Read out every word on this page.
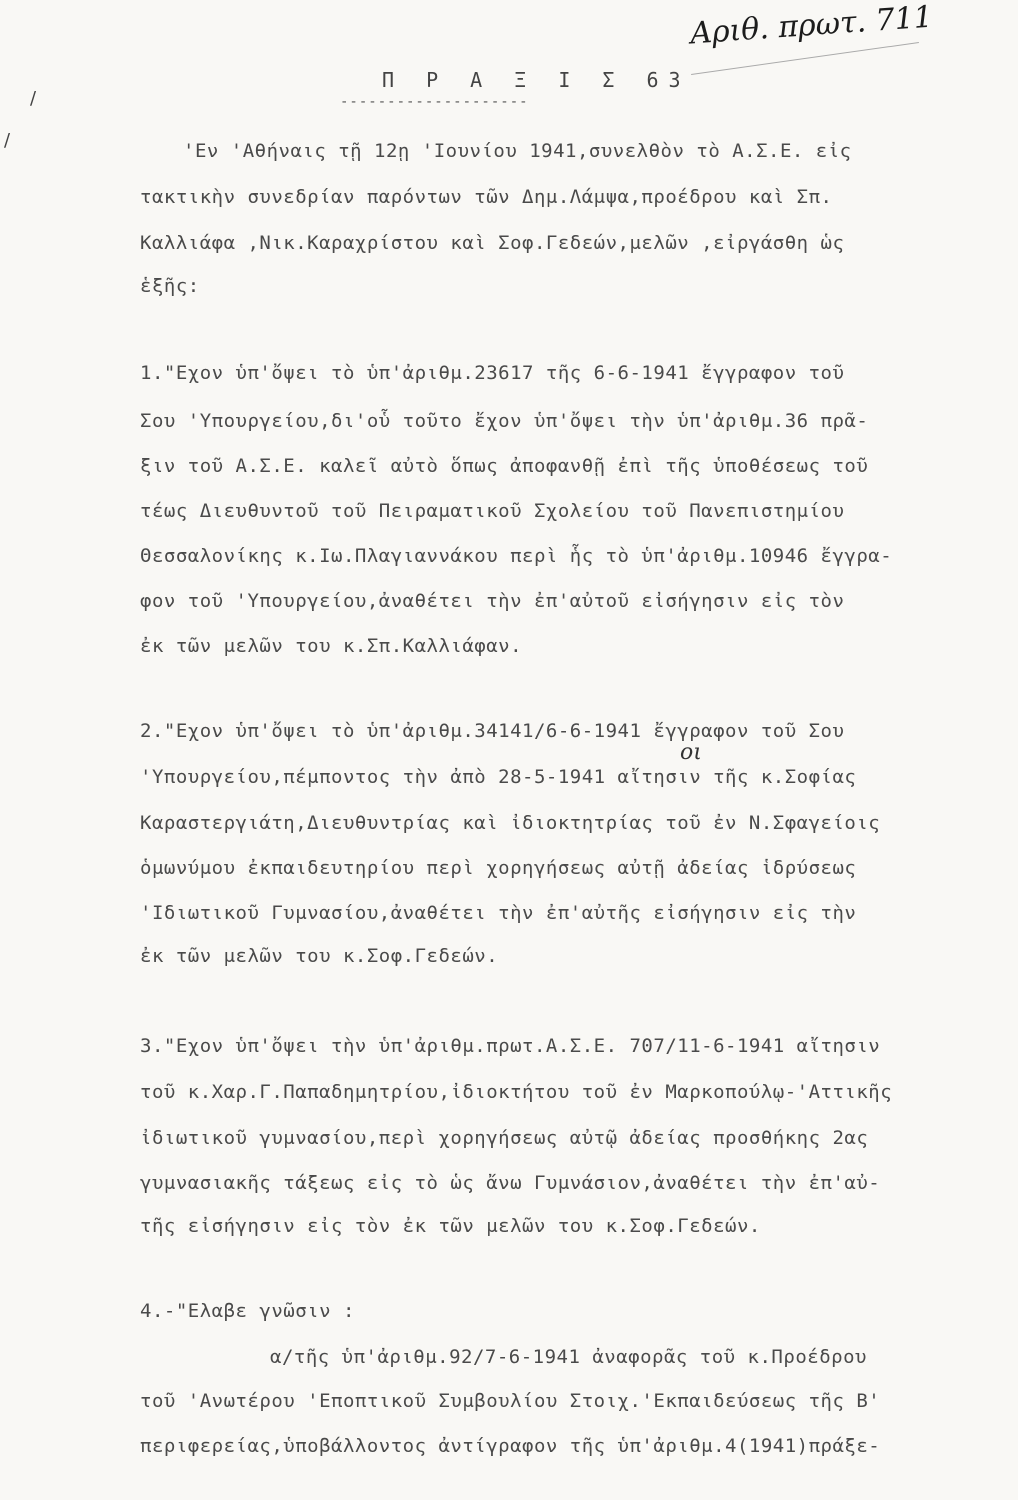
Αριθ. πρωτ. 711
Π Ρ Α Ξ Ι Σ 63
--------------------
/
/
'Εν 'Αθήναις τῇ 12ῃ 'Ιουνίου 1941,συνελθὸν τὸ Α.Σ.Ε. εἰς
τακτικὴν συνεδρίαν παρόντων τῶν Δημ.Λάμψα,προέδρου καὶ Σπ.
Καλλιάφα ,Νικ.Καραχρίστου καὶ Σοφ.Γεδεών,μελῶν ,εἰργάσθη ὡς
ἑξῆς:
1."Εχον ὑπ'ὄψει τὸ ὑπ'ἀριθμ.23617 τῆς 6-6-1941 ἔγγραφον τοῦ
Σου 'Υπουργείου,δι'οὗ τοῦτο ἔχον ὑπ'ὄψει τὴν ὑπ'ἀριθμ.36 πρᾶ-
ξιν τοῦ Α.Σ.Ε. καλεῖ αὐτὸ ὅπως ἀποφανθῇ ἐπὶ τῆς ὑποθέσεως τοῦ
τέως Διευθυντοῦ τοῦ Πειραματικοῦ Σχολείου τοῦ Πανεπιστημίου
Θεσσαλονίκης κ.Ιω.Πλαγιαννάκου περὶ ἧς τὸ ὑπ'ἀριθμ.10946 ἔγγρα-
φον τοῦ 'Υπουργείου,ἀναθέτει τὴν ἐπ'αὐτοῦ εἰσήγησιν εἰς τὸν
ἐκ τῶν μελῶν του κ.Σπ.Καλλιάφαν.
2."Εχον ὑπ'ὄψει τὸ ὑπ'ἀριθμ.34141/6-6-1941 ἔγγραφον τοῦ Σου
οι
'Υπουργείου,πέμποντος τὴν ἀπὸ 28-5-1941 αἴτησιν τῆς κ.Σοφίας
Καραστεργιάτη,Διευθυντρίας καὶ ἰδιοκτητρίας τοῦ ἐν Ν.Σφαγείοις
ὁμωνύμου ἐκπαιδευτηρίου περὶ χορηγήσεως αὐτῇ ἀδείας ἱδρύσεως
'Ιδιωτικοῦ Γυμνασίου,ἀναθέτει τὴν ἐπ'αὐτῆς εἰσήγησιν εἰς τὴν
ἐκ τῶν μελῶν του κ.Σοφ.Γεδεών.
3."Εχον ὑπ'ὄψει τὴν ὑπ'ἀριθμ.πρωτ.Α.Σ.Ε. 707/11-6-1941 αἴτησιν
τοῦ κ.Χαρ.Γ.Παπαδημητρίου,ἰδιοκτήτου τοῦ ἐν Μαρκοπούλῳ-'Αττικῆς
ἰδιωτικοῦ γυμνασίου,περὶ χορηγήσεως αὐτῷ ἀδείας προσθήκης 2ας
γυμνασιακῆς τάξεως εἰς τὸ ὡς ἄνω Γυμνάσιον,ἀναθέτει τὴν ἐπ'αὐ-
τῆς εἰσήγησιν εἰς τὸν ἐκ τῶν μελῶν του κ.Σοφ.Γεδεών.
4.-"Ελαβε γνῶσιν :
α/τῆς ὑπ'ἀριθμ.92/7-6-1941 ἀναφορᾶς τοῦ κ.Προέδρου
τοῦ 'Ανωτέρου 'Εποπτικοῦ Συμβουλίου Στοιχ.'Εκπαιδεύσεως τῆς Β'
περιφερείας,ὑποβάλλοντος ἀντίγραφον τῆς ὑπ'ἀριθμ.4(1941)πράξε-
